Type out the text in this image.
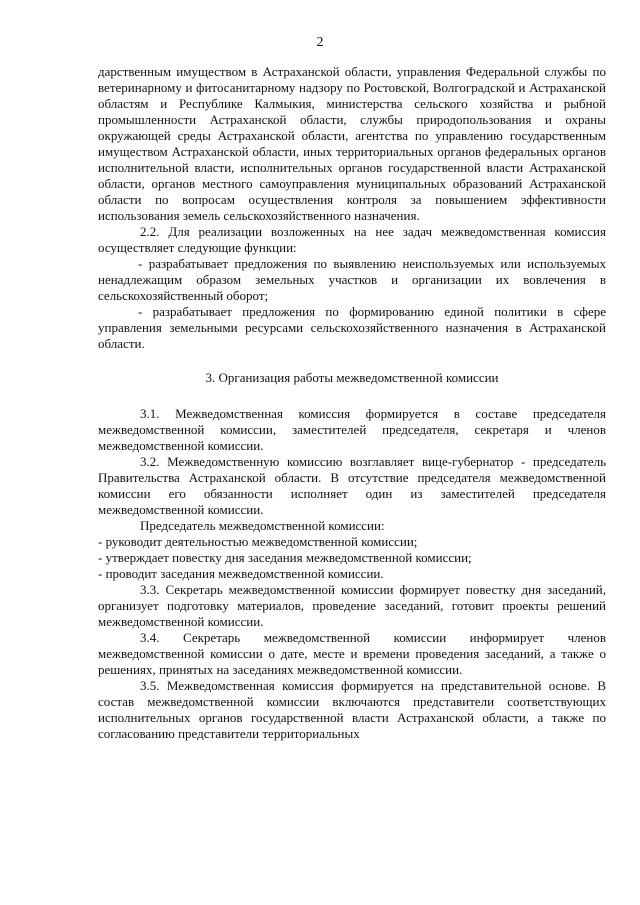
2

дарственным имуществом в Астраханской области, управления Федеральной службы по ветеринарному и фитосанитарному надзору по Ростовской, Волгоградской и Астраханской областям и Республике Калмыкия, министерства сельского хозяйства и рыбной промышленности Астраханской области, службы природопользования и охраны окружающей среды Астраханской области, агентства по управлению государственным имуществом Астраханской области, иных территориальных органов федеральных органов исполнительной власти, исполнительных органов государственной власти Астраханской области, органов местного самоуправления муниципальных образований Астраханской области по вопросам осуществления контроля за повышением эффективности использования земель сельскохозяйственного назначения.

2.2. Для реализации возложенных на нее задач межведомственная комиссия осуществляет следующие функции:

- разрабатывает предложения по выявлению неиспользуемых или используемых ненадлежащим образом земельных участков и организации их вовлечения в сельскохозяйственный оборот;

- разрабатывает предложения по формированию единой политики в сфере управления земельными ресурсами сельскохозяйственного назначения в Астраханской области.

3. Организация работы межведомственной комиссии

3.1. Межведомственная комиссия формируется в составе председателя межведомственной комиссии, заместителей председателя, секретаря и членов межведомственной комиссии.

3.2. Межведомственную комиссию возглавляет вице-губернатор - председатель Правительства Астраханской области. В отсутствие председателя межведомственной комиссии его обязанности исполняет один из заместителей председателя межведомственной комиссии.

Председатель межведомственной комиссии:

- руководит деятельностью межведомственной комиссии;

- утверждает повестку дня заседания межведомственной комиссии;

- проводит заседания межведомственной комиссии.

3.3. Секретарь межведомственной комиссии формирует повестку дня заседаний, организует подготовку материалов, проведение заседаний, готовит проекты решений межведомственной комиссии.

3.4. Секретарь межведомственной комиссии информирует членов межведомственной комиссии о дате, месте и времени проведения заседаний, а также о решениях, принятых на заседаниях межведомственной комиссии.

3.5. Межведомственная комиссия формируется на представительной основе. В состав межведомственной комиссии включаются представители соответствующих исполнительных органов государственной власти Астраханской области, а также по согласованию представители территориальных
